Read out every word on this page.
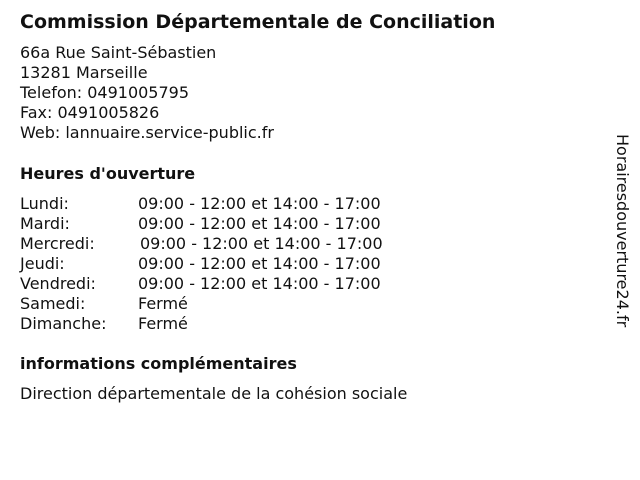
Commission Départementale de Conciliation
66a Rue Saint-Sébastien
13281 Marseille
Telefon: 0491005795
Fax: 0491005826
Web: lannuaire.service-public.fr
Heures d'ouverture
Lundi:	09:00 - 12:00 et 14:00 - 17:00
Mardi:	09:00 - 12:00 et 14:00 - 17:00
Mercredi:	09:00 - 12:00 et 14:00 - 17:00
Jeudi:	09:00 - 12:00 et 14:00 - 17:00
Vendredi:	09:00 - 12:00 et 14:00 - 17:00
Samedi:	Fermé
Dimanche:	Fermé
informations complémentaires
Direction départementale de la cohésion sociale
Horairesdouverture24.fr
